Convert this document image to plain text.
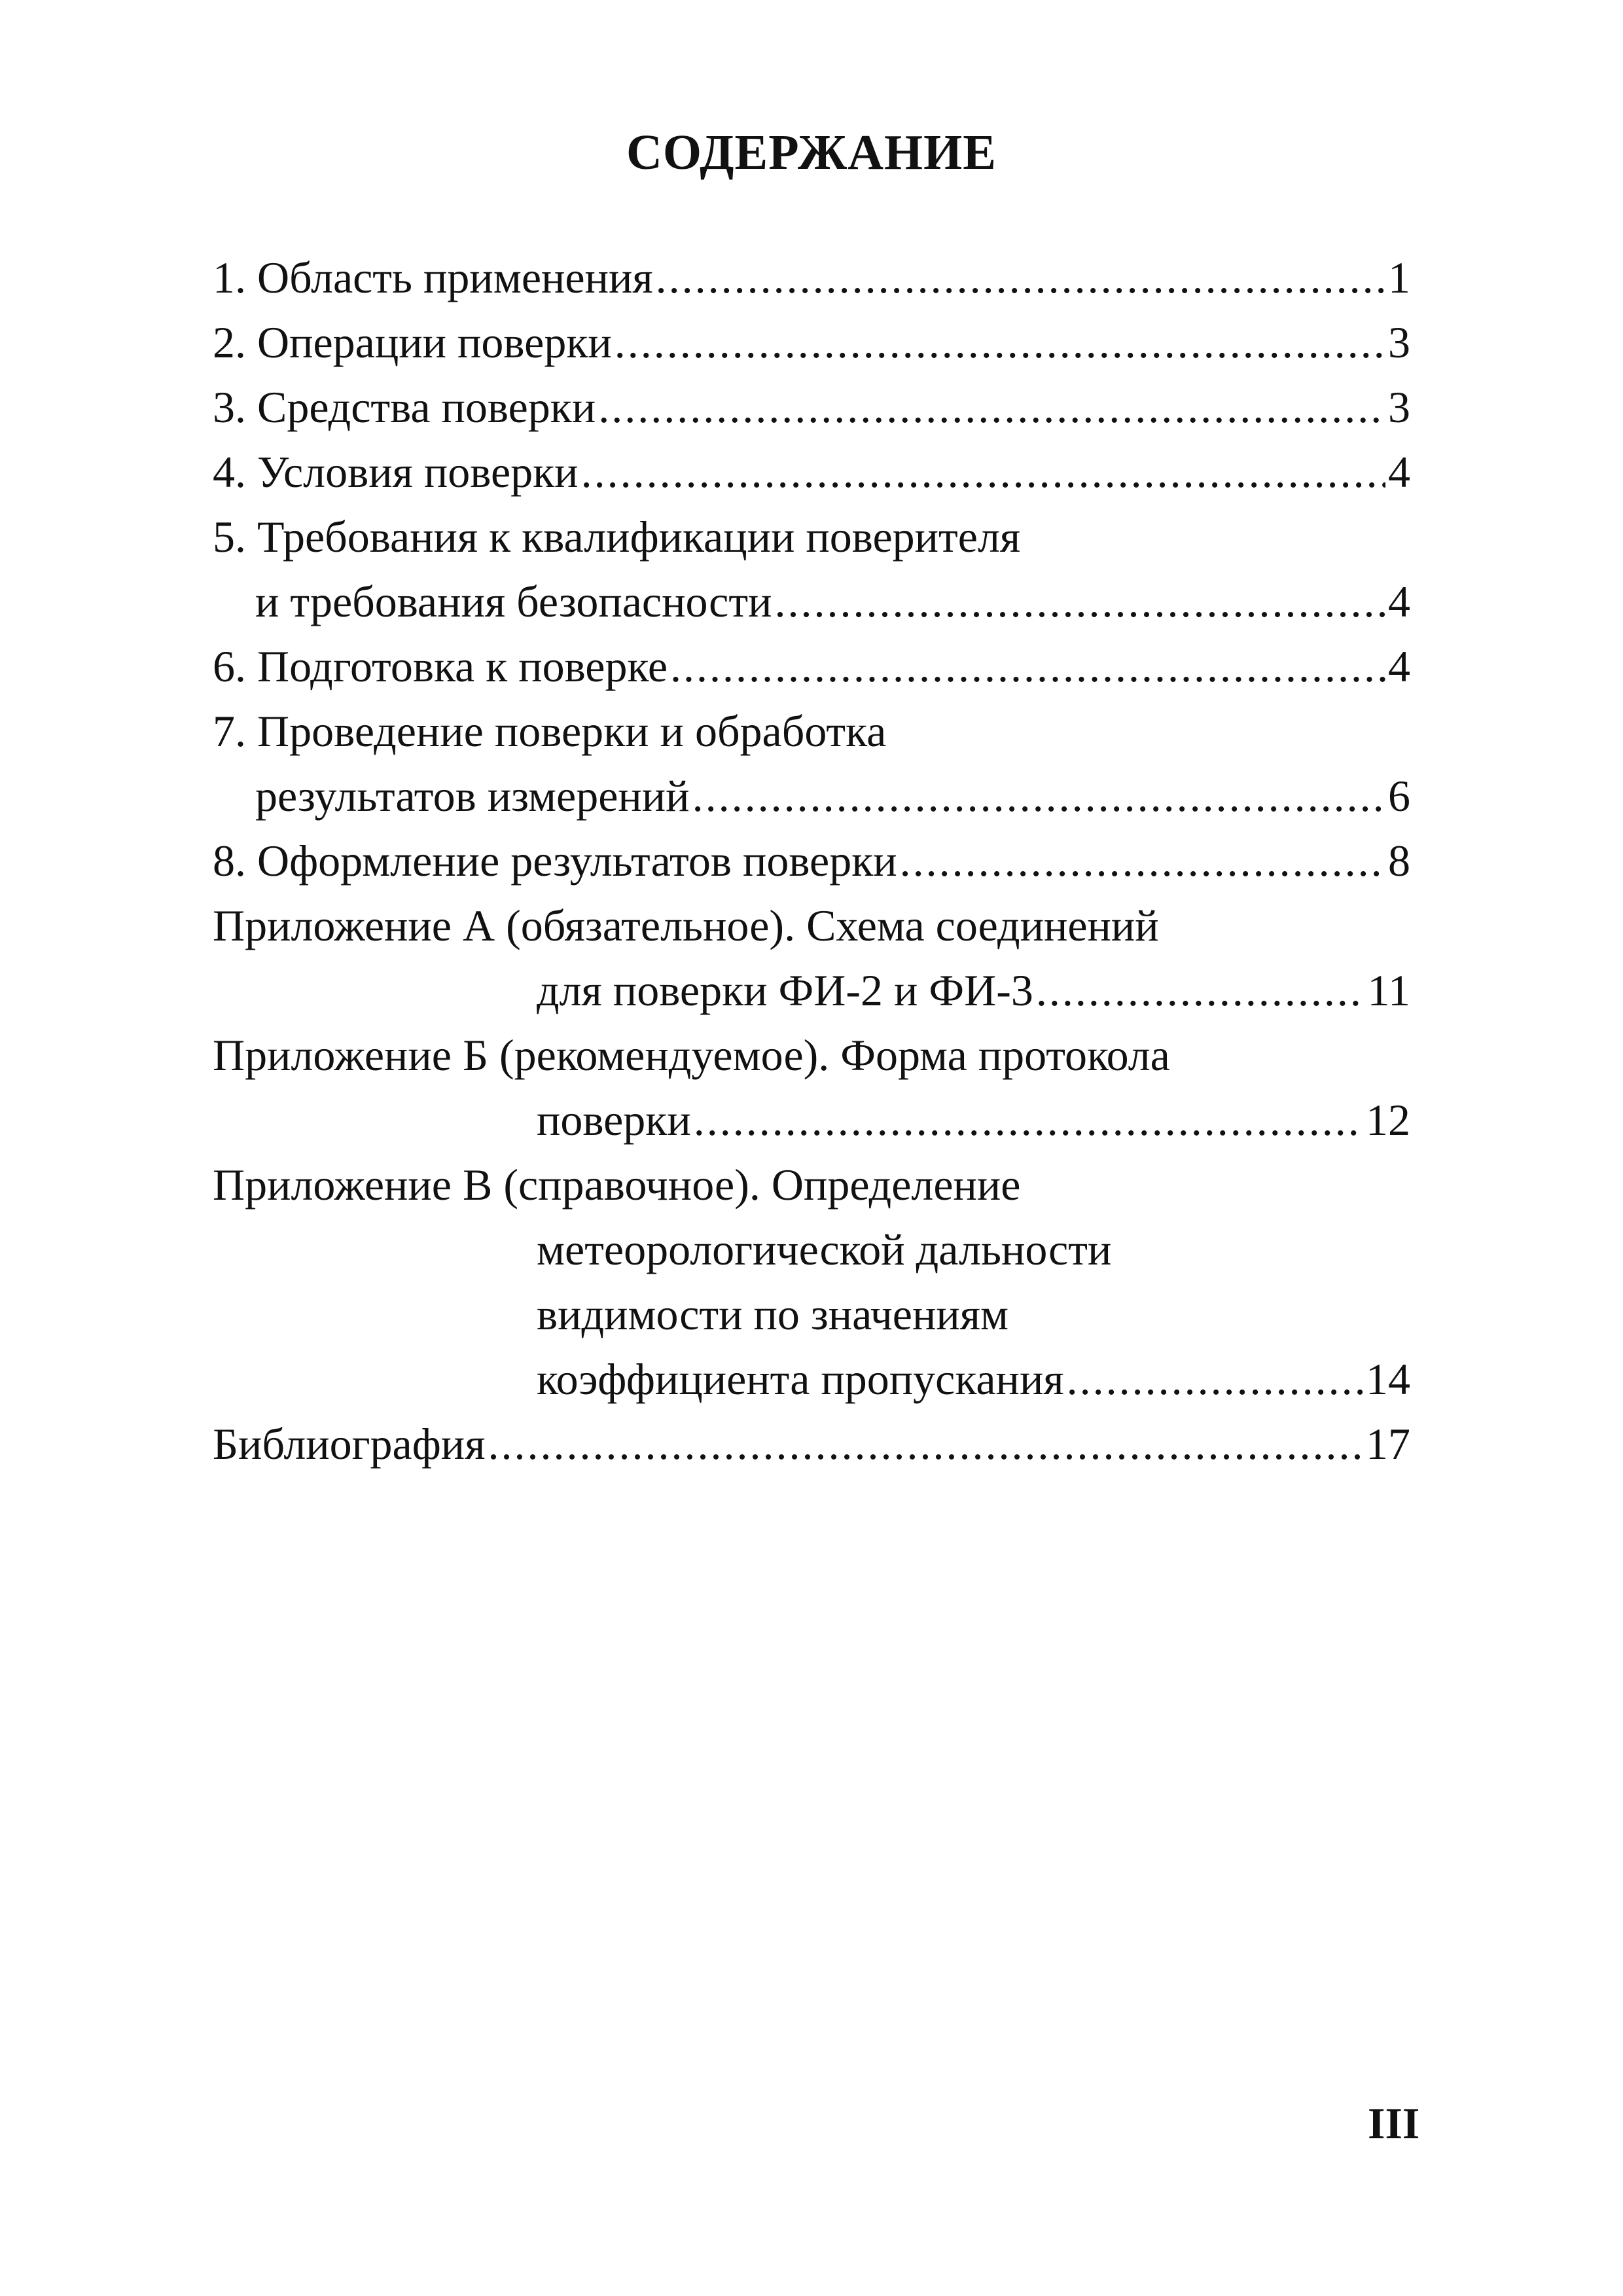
СОДЕРЖАНИЕ
1. Область применения .....	1
2. Операции поверки .....	3
3. Средства поверки .....	3
4. Условия поверки .....	4
5. Требования к квалификации поверителя
и требования безопасности .....	4
6. Подготовка к поверке .....	4
7. Проведение поверки и обработка
результатов измерений .....	6
8. Оформление результатов поверки .....	8
Приложение А (обязательное). Схема соединений
для поверки ФИ-2 и ФИ-3 .....	11
Приложение Б (рекомендуемое). Форма протокола
поверки .....	12
Приложение В (справочное). Определение
метеорологической дальности
видимости по значениям
коэффициента пропускания .....	14
Библиография .....	17
III
